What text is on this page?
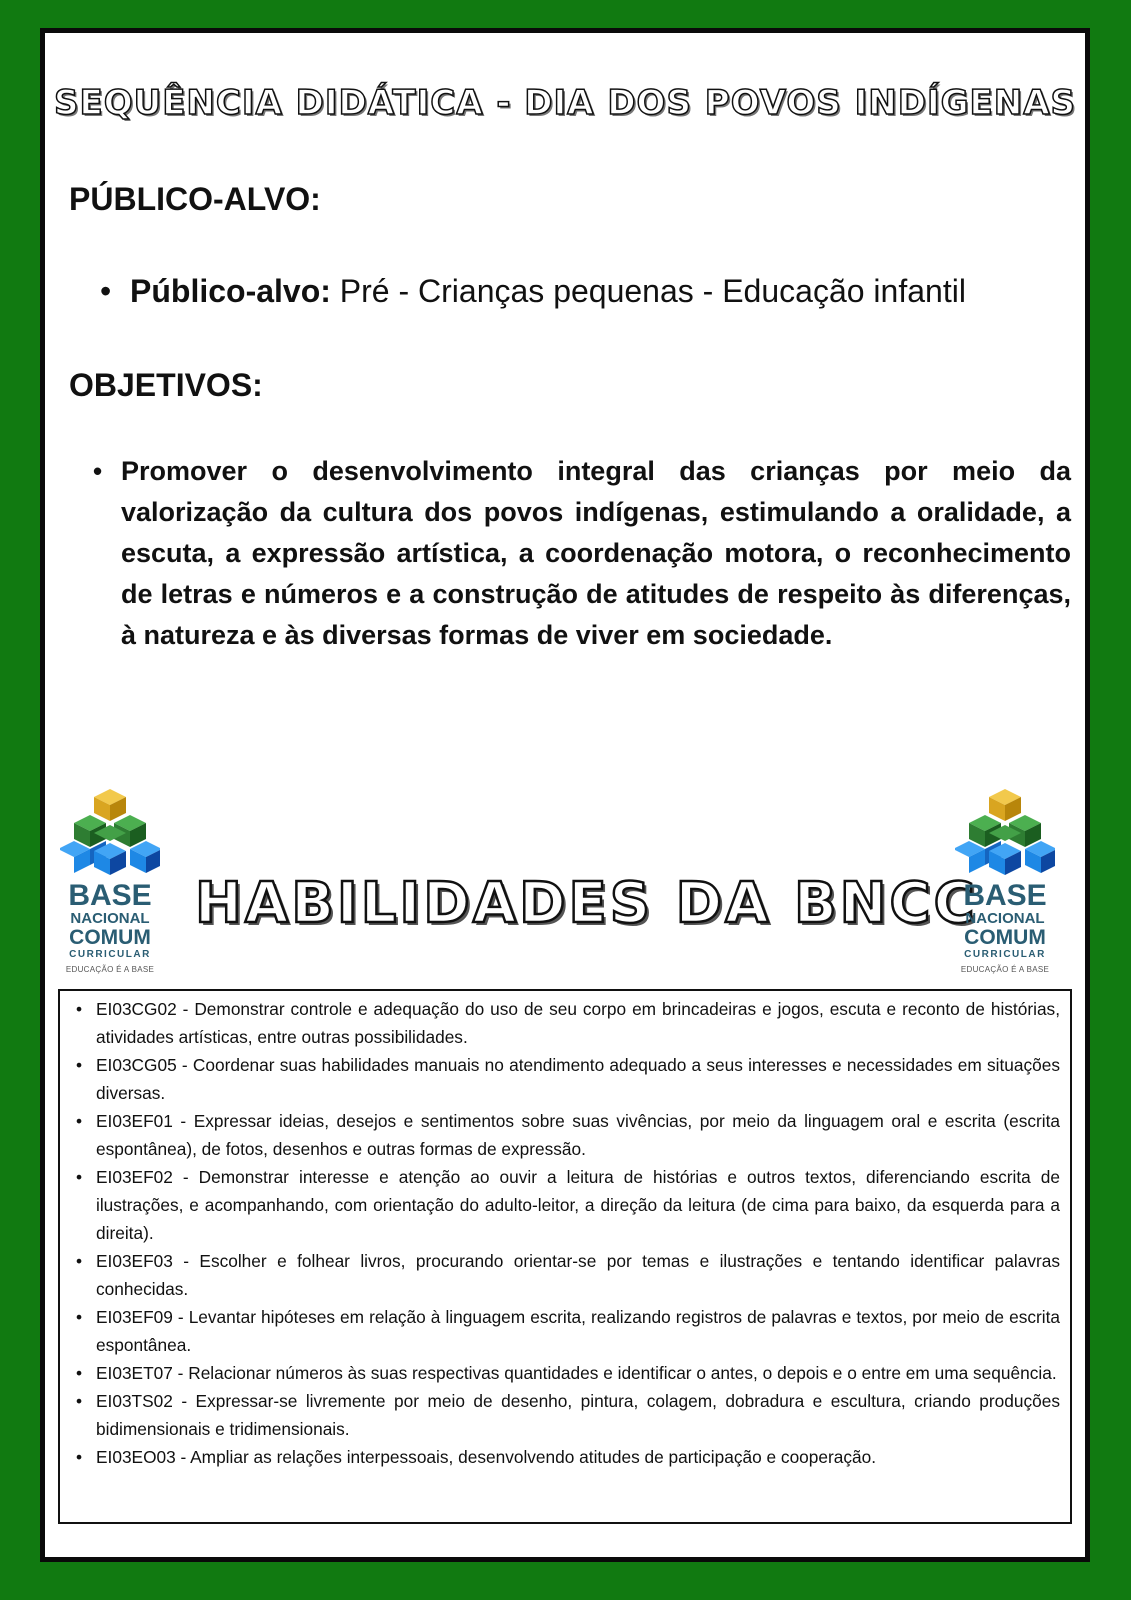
SEQUÊNCIA DIDÁTICA - DIA DOS POVOS INDÍGENAS
PÚBLICO-ALVO:
• Público-alvo: Pré - Crianças pequenas - Educação infantil
OBJETIVOS:
• Promover o desenvolvimento integral das crianças por meio da valorização da cultura dos povos indígenas, estimulando a oralidade, a escuta, a expressão artística, a coordenação motora, o reconhecimento de letras e números e a construção de atitudes de respeito às diferenças, à natureza e às diversas formas de viver em sociedade.
BASE
NACIONAL
COMUM
CURRICULAR
EDUCAÇÃO É A BASE
HABILIDADES DA BNCC
BASE
NACIONAL
COMUM
CURRICULAR
EDUCAÇÃO É A BASE
• EI03CG02 - Demonstrar controle e adequação do uso de seu corpo em brincadeiras e jogos, escuta e reconto de histórias, atividades artísticas, entre outras possibilidades.
• EI03CG05 - Coordenar suas habilidades manuais no atendimento adequado a seus interesses e necessidades em situações diversas.
• EI03EF01 - Expressar ideias, desejos e sentimentos sobre suas vivências, por meio da linguagem oral e escrita (escrita espontânea), de fotos, desenhos e outras formas de expressão.
• EI03EF02 - Demonstrar interesse e atenção ao ouvir a leitura de histórias e outros textos, diferenciando escrita de ilustrações, e acompanhando, com orientação do adulto-leitor, a direção da leitura (de cima para baixo, da esquerda para a direita).
• EI03EF03 - Escolher e folhear livros, procurando orientar-se por temas e ilustrações e tentando identificar palavras conhecidas.
• EI03EF09 - Levantar hipóteses em relação à linguagem escrita, realizando registros de palavras e textos, por meio de escrita espontânea.
• EI03ET07 - Relacionar números às suas respectivas quantidades e identificar o antes, o depois e o entre em uma sequência.
• EI03TS02 - Expressar-se livremente por meio de desenho, pintura, colagem, dobradura e escultura, criando produções bidimensionais e tridimensionais.
• EI03EO03 - Ampliar as relações interpessoais, desenvolvendo atitudes de participação e cooperação.
